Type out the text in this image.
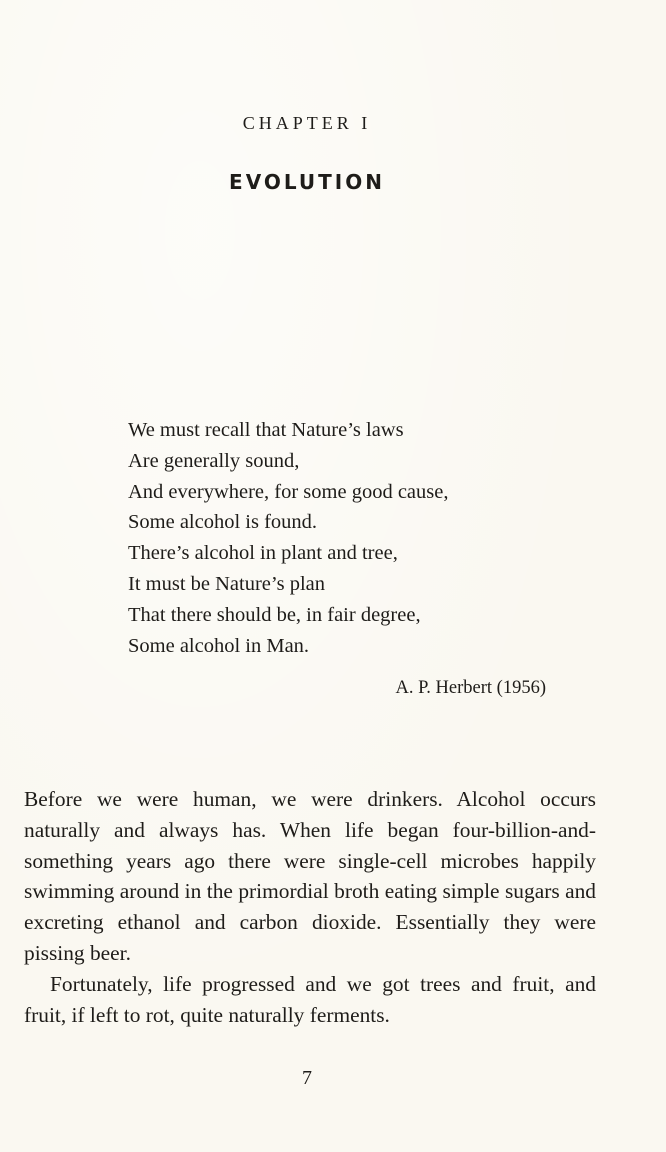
CHAPTER I
EVOLUTION
We must recall that Nature’s laws
Are generally sound,
And everywhere, for some good cause,
Some alcohol is found.
There’s alcohol in plant and tree,
It must be Nature’s plan
That there should be, in fair degree,
Some alcohol in Man.
A. P. Herbert (1956)

Before we were human, we were drinkers. Alcohol occurs naturally and always has. When life began four-billion-and-something years ago there were single-cell microbes happily swimming around in the primordial broth eating simple sugars and excreting ethanol and carbon dioxide. Essentially they were pissing beer.

Fortunately, life progressed and we got trees and fruit, and fruit, if left to rot, quite naturally ferments.

7
